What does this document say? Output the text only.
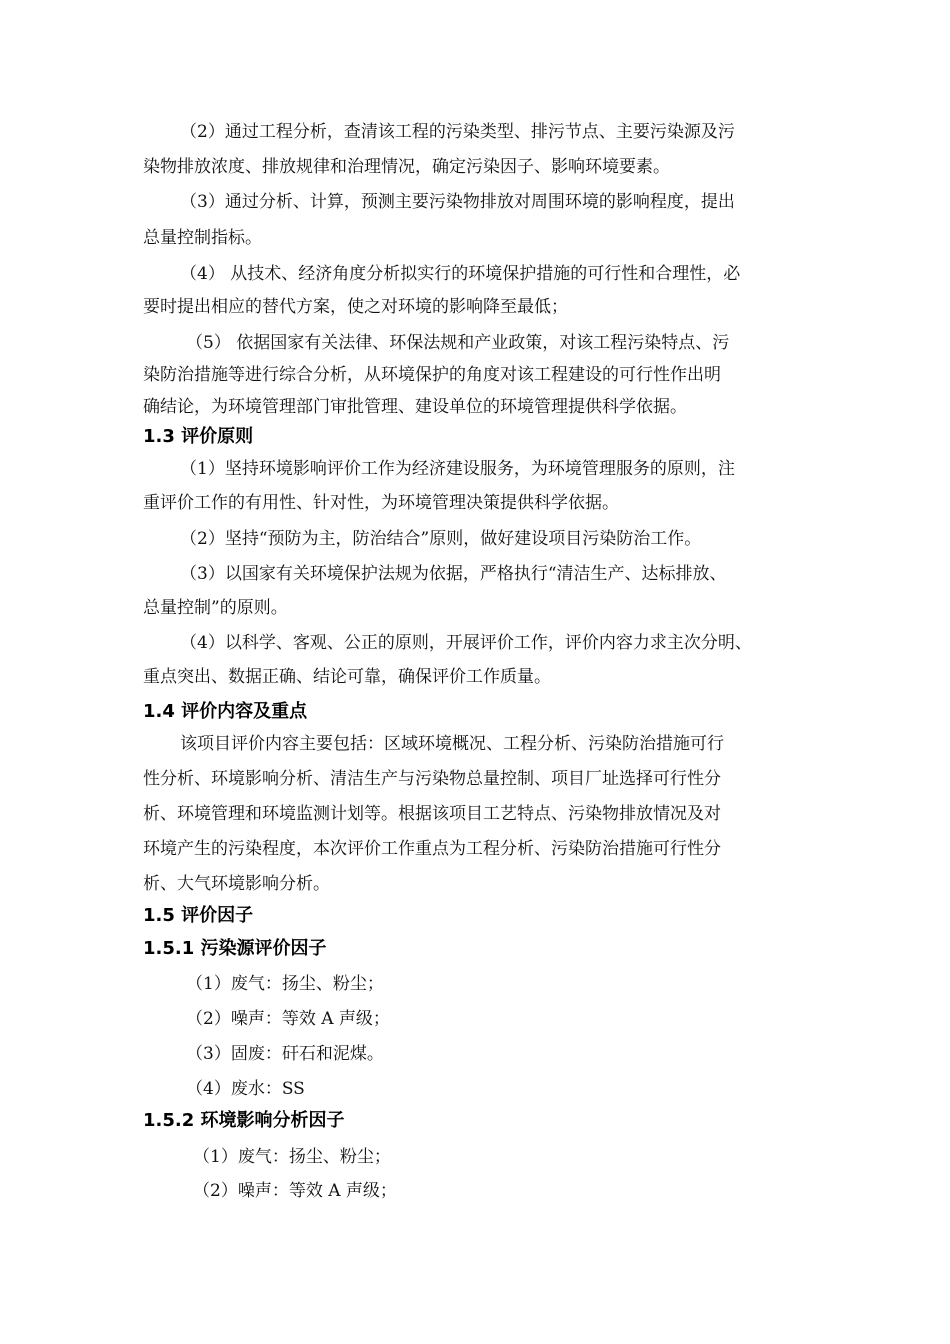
（2）通过工程分析，查清该工程的污染类型、排污节点、主要污染源及污

染物排放浓度、排放规律和治理情况，确定污染因子、影响环境要素。

（3）通过分析、计算，预测主要污染物排放对周围环境的影响程度，提出

总量控制指标。

（4） 从技术、经济角度分析拟实行的环境保护措施的可行性和合理性，必

要时提出相应的替代方案，使之对环境的影响降至最低；

（5） 依据国家有关法律、环保法规和产业政策，对该工程污染特点、污

染防治措施等进行综合分析，从环境保护的角度对该工程建设的可行性作出明

确结论，为环境管理部门审批管理、建设单位的环境管理提供科学依据。

1.3 评价原则

（1）坚持环境影响评价工作为经济建设服务，为环境管理服务的原则，注

重评价工作的有用性、针对性，为环境管理决策提供科学依据。

（2）坚持“预防为主，防治结合”原则，做好建设项目污染防治工作。

（3）以国家有关环境保护法规为依据，严格执行“清洁生产、达标排放、

总量控制”的原则。

（4）以科学、客观、公正的原则，开展评价工作，评价内容力求主次分明、

重点突出、数据正确、结论可靠，确保评价工作质量。

1.4 评价内容及重点

该项目评价内容主要包括：区域环境概况、工程分析、污染防治措施可行

性分析、环境影响分析、清洁生产与污染物总量控制、项目厂址选择可行性分

析、环境管理和环境监测计划等。根据该项目工艺特点、污染物排放情况及对

环境产生的污染程度，本次评价工作重点为工程分析、污染防治措施可行性分

析、大气环境影响分析。

1.5 评价因子
1.5.1 污染源评价因子

（1）废气：扬尘、粉尘；

（2）噪声：等效 A 声级；

（3）固废：矸石和泥煤。

（4）废水：SS

1.5.2 环境影响分析因子

（1）废气：扬尘、粉尘；

（2）噪声：等效 A 声级；
